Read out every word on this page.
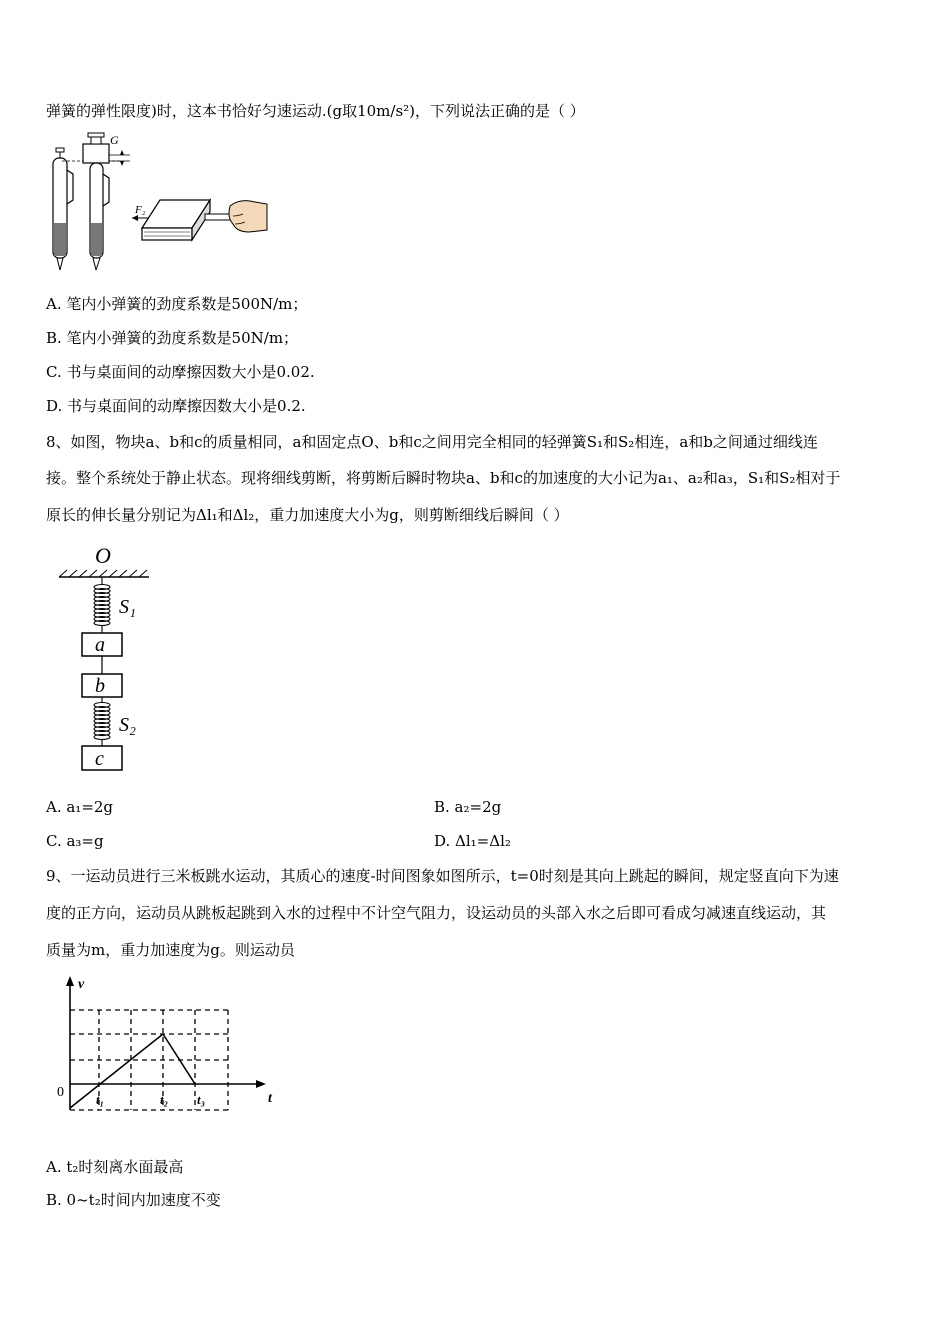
弹簧的弹性限度)时，这本书恰好匀速运动.(g取10m/s²)，下列说法正确的是（ ）
G
F₂
A. 笔内小弹簧的劲度系数是500N/m；
B. 笔内小弹簧的劲度系数是50N/m；
C. 书与桌面间的动摩擦因数大小是0.02.
D. 书与桌面间的动摩擦因数大小是0.2.
8、如图，物块a、b和c的质量相同，a和固定点O、b和c之间用完全相同的轻弹簧S₁和S₂相连，a和b之间通过细线连
接。整个系统处于静止状态。现将细线剪断，将剪断后瞬时物块a、b和c的加速度的大小记为a₁、a₂和a₃，S₁和S₂相对于
原长的伸长量分别记为Δl₁和Δl₂，重力加速度大小为g，则剪断细线后瞬间（ ）
O
S₁
a
b
S₂
c
A. a₁=2g	B. a₂=2g
C. a₃=g	D. Δl₁=Δl₂
9、一运动员进行三米板跳水运动，其质心的速度-时间图象如图所示，t=0时刻是其向上跳起的瞬间，规定竖直向下为速
度的正方向，运动员从跳板起跳到入水的过程中不计空气阻力，设运动员的头部入水之后即可看成匀减速直线运动，其
质量为m，重力加速度为g。则运动员
v
t
0 t₁	t₂ t₃
A. t₂时刻离水面最高
B. 0~t₂时间内加速度不变
